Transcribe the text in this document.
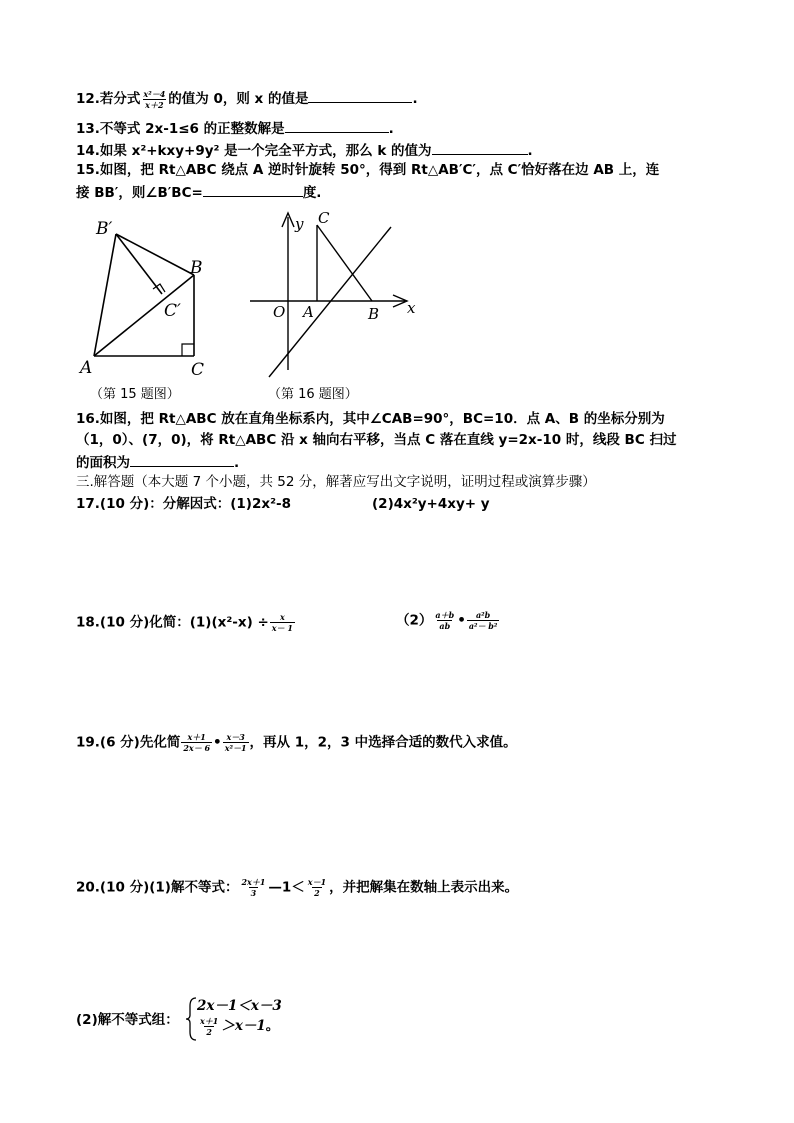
12.若分式 $\frac{\text{x²－4}}{x+2}$ 的值为 0，则 x 的值是	.
13.不等式 2x-1≤6 的正整数解是	.
14.如果 x²+kxy+9y² 是一个完全平方式，那么 k 的值为	.
15.如图，把 Rt△ABC 绕点 A 逆时针旋转 50°，得到 Rt△AB′C′，点 C′恰好落在边 AB 上，连
接 BB′，则∠B′BC=	度.
B′
B
C′
A	C
（第 15 题图）
y C
O A	B x
（第 16 题图）
16.如图，把 Rt△ABC 放在直角坐标系内，其中∠CAB=90°，BC=10．点 A、B 的坐标分别为
（1，0）、(7，0)，将 Rt△ABC 沿 x 轴向右平移，当点 C 落在直线 y=2x-10 时，线段 BC 扫过
的面积为	.
三.解答题（本大题 7 个小题，共 52 分，解著应写出文字说明，证明过程或演算步骤）
17.(10 分)：分解因式：(1)2x²-8	(2)4x²y+4xy+ y
18.(10 分)化简：$(1)(x^2-x) \div \frac{x}{x- 1}$	$(2) \frac{a+b}{ab}$ • $\frac{\text{a²b}}{\text{a²－ b²}}$
19.(6 分)先化简 $\frac{x+1}{2x- 6}$ • $\frac{x-3}{\text{x²－1}}$ ，再从 1，2，3 中选择合适的数代入求值。
20.(10 分)(1)解不等式： $\frac{2x+1}{3}$ —1＜ $\frac{x-1}{2}$ ，并把解集在数轴上表示出来。
(2)解不等式组：
2x－1＜x－3
$\frac{x+1}{2} >x-1$。
